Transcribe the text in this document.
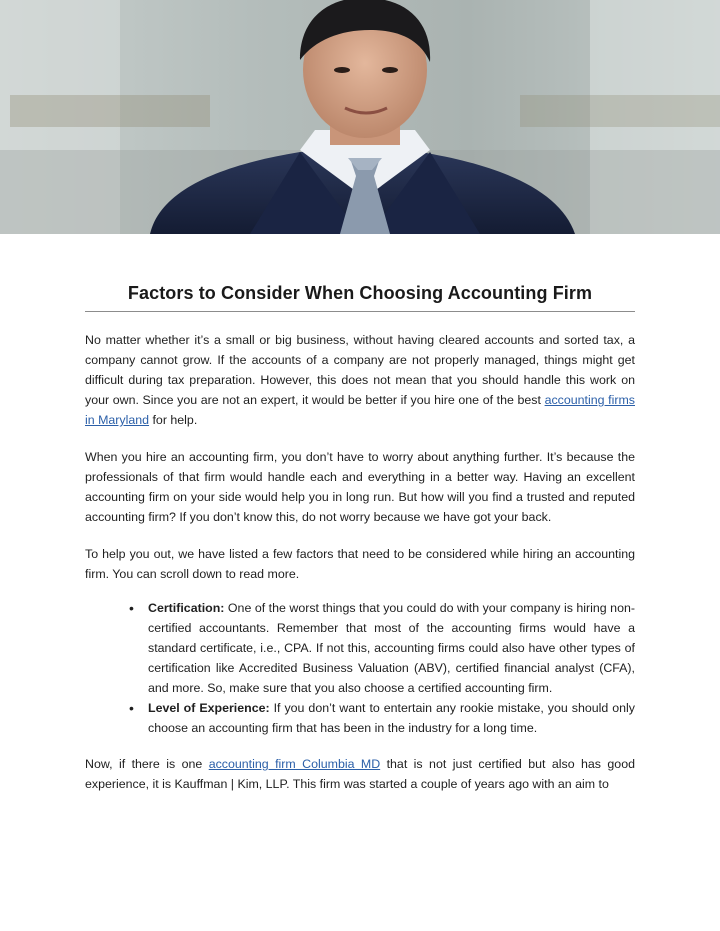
Factors to Consider When Choosing Accounting Firm

No matter whether it’s a small or big business, without having cleared accounts and sorted tax, a company cannot grow. If the accounts of a company are not properly managed, things might get difficult during tax preparation. However, this does not mean that you should handle this work on your own. Since you are not an expert, it would be better if you hire one of the best accounting firms in Maryland for help.

When you hire an accounting firm, you don’t have to worry about anything further. It’s because the professionals of that firm would handle each and everything in a better way. Having an excellent accounting firm on your side would help you in long run. But how will you find a trusted and reputed accounting firm? If you don’t know this, do not worry because we have got your back.

To help you out, we have listed a few factors that need to be considered while hiring an accounting firm. You can scroll down to read more.

• Certification: One of the worst things that you could do with your company is hiring non-certified accountants. Remember that most of the accounting firms would have a standard certificate, i.e., CPA. If not this, accounting firms could also have other types of certification like Accredited Business Valuation (ABV), certified financial analyst (CFA), and more. So, make sure that you also choose a certified accounting firm.
• Level of Experience: If you don’t want to entertain any rookie mistake, you should only choose an accounting firm that has been in the industry for a long time.

Now, if there is one accounting firm Columbia MD that is not just certified but also has good experience, it is Kauffman | Kim, LLP. This firm was started a couple of years ago with an aim to
